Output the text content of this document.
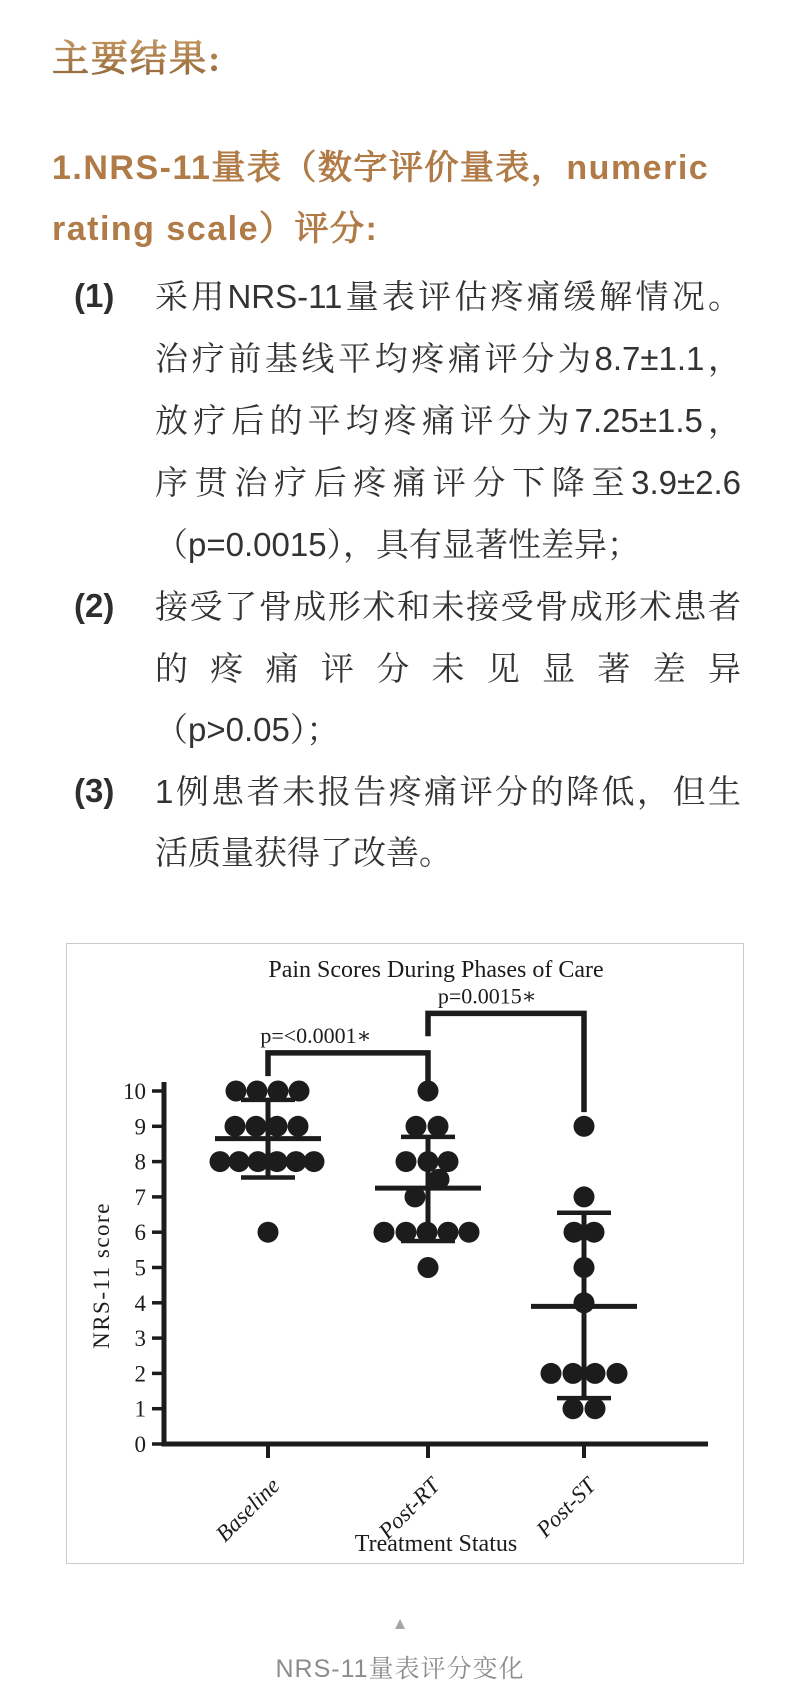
主要结果:
1.NRS-11量表（数字评价量表，numeric
rating scale）评分:
(1)	采用NRS-11量表评估疼痛缓解情况。
治疗前基线平均疼痛评分为8.7±1.1，
放疗后的平均疼痛评分为7.25±1.5，
序贯治疗后疼痛评分下降至3.9±2.6
（p=0.0015），具有显著性差异；
(2)	接受了骨成形术和未接受骨成形术患者
的疼痛评分未见显著差异
（p>0.05）；
(3)	1例患者未报告疼痛评分的降低，但生
活质量获得了改善。
Pain Scores During Phases of Care
0
1
2
3
4
5
6
7
8
9
10
p=<0.0001∗
p=0.0015∗
Baseline	Post-RT	Post-ST
Treatment Status
NRS-11 score
▲
NRS-11量表评分变化
